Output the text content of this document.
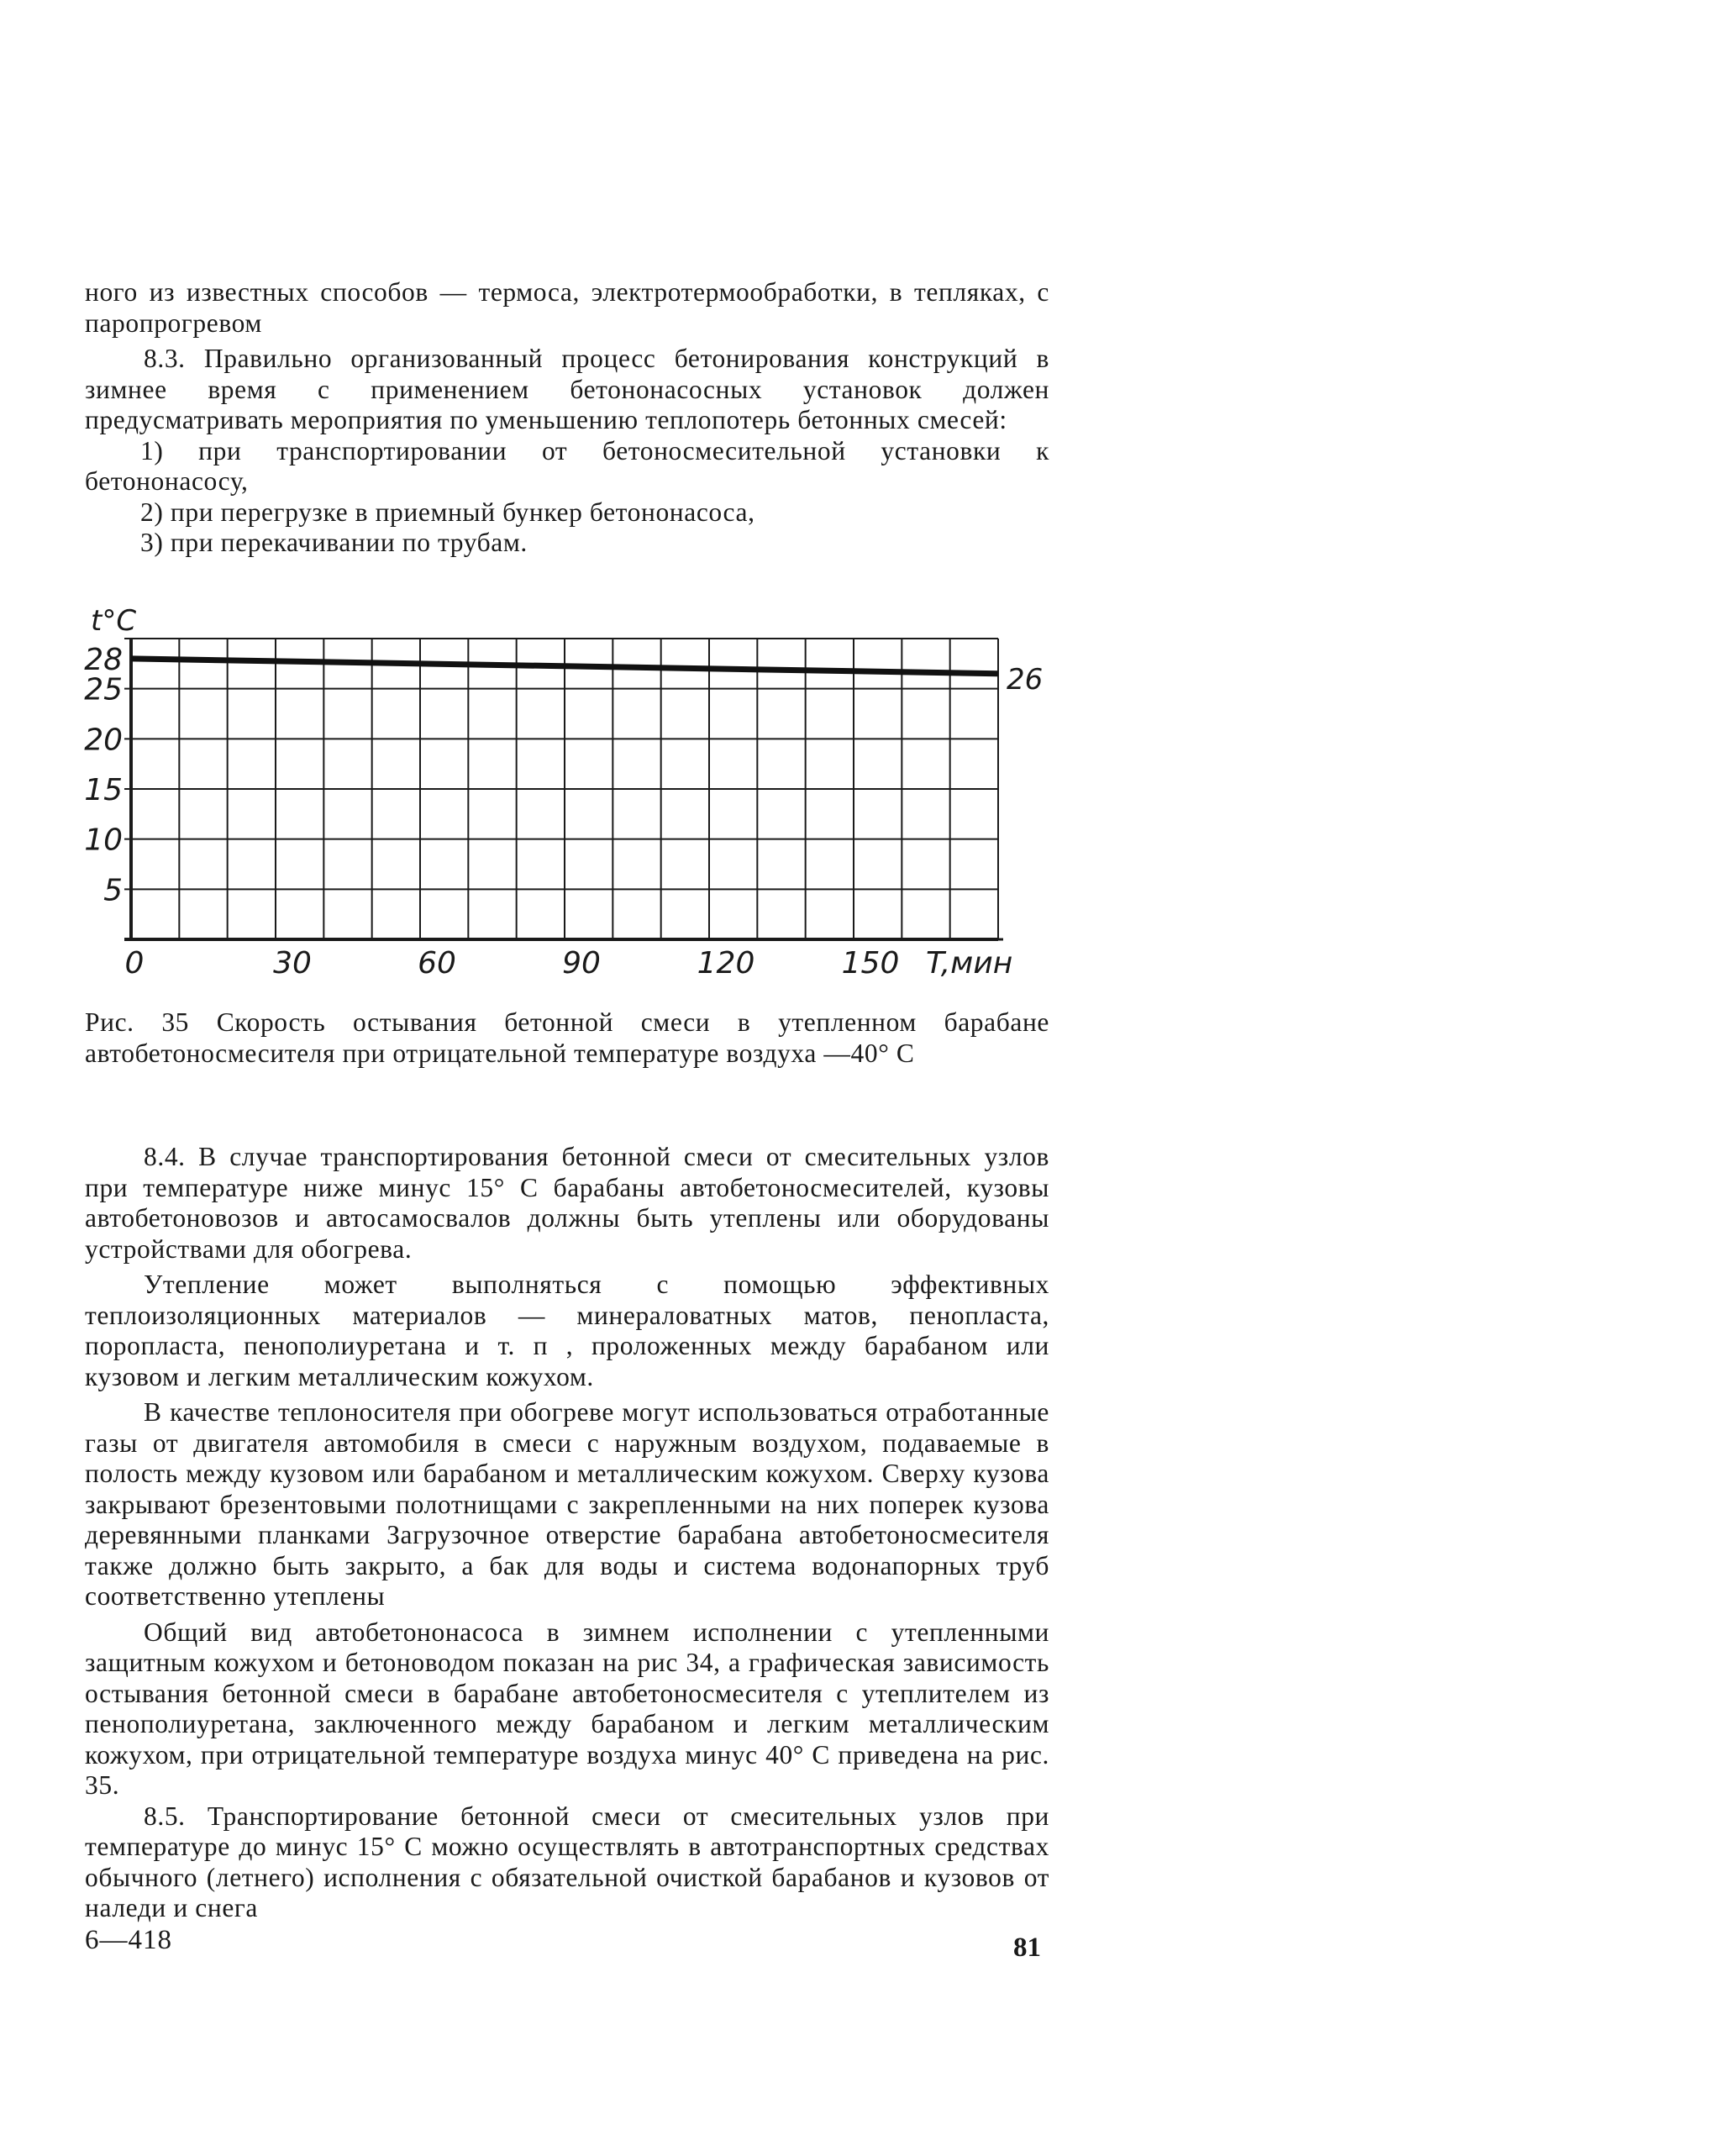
ного из известных способов — термоса, электротермообработки, в тепляках, с паропрогревом

8.3. Правильно организованный процесс бетонирования конструкций в зимнее время с применением бетононасосных установок должен предусматривать мероприятия по уменьшению теплопотерь бетонных смесей:

1) при транспортировании от бетоносмесительной установки к бетононасосу,

2) при перегрузке в приемный бункер бетононасоса,

3) при перекачивании по трубам.

t°C
28
25
20
15
10
5
0	30	60	90	120	150 T,мин
26

Рис. 35 Скорость остывания бетонной смеси в утепленном барабане автобетоносмесителя при отрицательной температуре воздуха —40° С

8.4. В случае транспортирования бетонной смеси от смесительных узлов при температуре ниже минус 15° С барабаны автобетоносмесителей, кузовы автобетоновозов и автосамосвалов должны быть утеплены или оборудованы устройствами для обогрева.

Утепление может выполняться с помощью эффективных теплоизоляционных материалов — минераловатных матов, пенопласта, поропласта, пенополиуретана и т. п , проложенных между барабаном или кузовом и легким металлическим кожухом.

В качестве теплоносителя при обогреве могут использоваться отработанные газы от двигателя автомобиля в смеси с наружным воздухом, подаваемые в полость между кузовом или барабаном и металлическим кожухом. Сверху кузова закрывают брезентовыми полотнищами с закрепленными на них поперек кузова деревянными планками Загрузочное отверстие барабана автобетоносмесителя также должно быть закрыто, а бак для воды и система водонапорных труб соответственно утеплены

Общий вид автобетононасоса в зимнем исполнении с утепленными защитным кожухом и бетоноводом показан на рис 34, а графическая зависимость остывания бетонной смеси в барабане автобетоносмесителя с утеплителем из пенополиуретана, заключенного между барабаном и легким металлическим кожухом, при отрицательной температуре воздуха минус 40° С приведена на рис. 35.

8.5. Транспортирование бетонной смеси от смесительных узлов при температуре до минус 15° С можно осуществлять в автотранспортных средствах обычного (летнего) исполнения с обязательной очисткой барабанов и кузовов от наледи и снега

6—418	81
